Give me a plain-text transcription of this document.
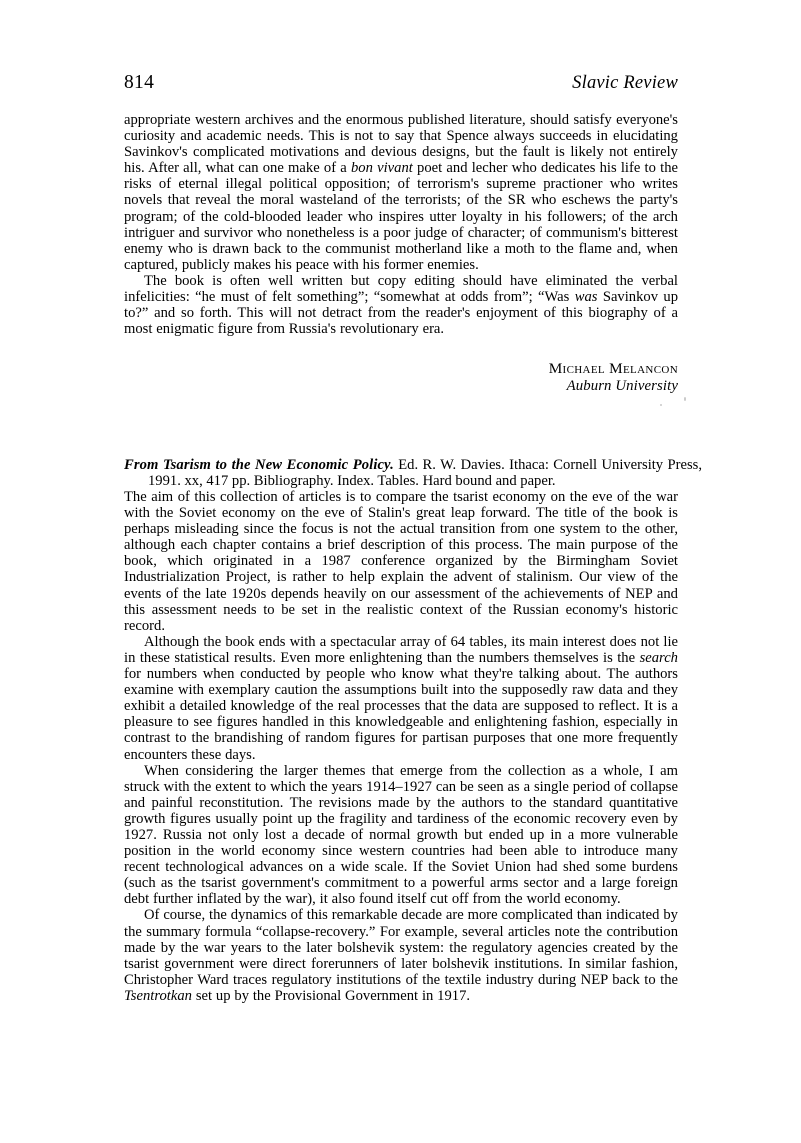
814	Slavic Review

appropriate western archives and the enormous published literature, should satisfy everyone's curiosity and academic needs. This is not to say that Spence always succeeds in elucidating Savinkov's complicated motivations and devious designs, but the fault is likely not entirely his. After all, what can one make of a bon vivant poet and lecher who dedicates his life to the risks of eternal illegal political opposition; of terrorism's supreme practioner who writes novels that reveal the moral wasteland of the terrorists; of the SR who eschews the party's program; of the cold-blooded leader who inspires utter loyalty in his followers; of the arch intriguer and survivor who nonetheless is a poor judge of character; of communism's bitterest enemy who is drawn back to the communist motherland like a moth to the flame and, when captured, publicly makes his peace with his former enemies.

The book is often well written but copy editing should have eliminated the verbal infelicities: “he must of felt something”; “somewhat at odds from”; “Was was Savinkov up to?” and so forth. This will not detract from the reader's enjoyment of this biography of a most enigmatic figure from Russia's revolutionary era.

Michael Melancon
Auburn University

From Tsarism to the New Economic Policy. Ed. R. W. Davies. Ithaca: Cornell University Press, 1991. xx, 417 pp. Bibliography. Index. Tables. Hard bound and paper.

The aim of this collection of articles is to compare the tsarist economy on the eve of the war with the Soviet economy on the eve of Stalin's great leap forward. The title of the book is perhaps misleading since the focus is not the actual transition from one system to the other, although each chapter contains a brief description of this process. The main purpose of the book, which originated in a 1987 conference organized by the Birmingham Soviet Industrialization Project, is rather to help explain the advent of stalinism. Our view of the events of the late 1920s depends heavily on our assessment of the achievements of NEP and this assessment needs to be set in the realistic context of the Russian economy's historic record.

Although the book ends with a spectacular array of 64 tables, its main interest does not lie in these statistical results. Even more enlightening than the numbers themselves is the search for numbers when conducted by people who know what they're talking about. The authors examine with exemplary caution the assumptions built into the supposedly raw data and they exhibit a detailed knowledge of the real processes that the data are supposed to reflect. It is a pleasure to see figures handled in this knowledgeable and enlightening fashion, especially in contrast to the brandishing of random figures for partisan purposes that one more frequently encounters these days.

When considering the larger themes that emerge from the collection as a whole, I am struck with the extent to which the years 1914–1927 can be seen as a single period of collapse and painful reconstitution. The revisions made by the authors to the standard quantitative growth figures usually point up the fragility and tardiness of the economic recovery even by 1927. Russia not only lost a decade of normal growth but ended up in a more vulnerable position in the world economy since western countries had been able to introduce many recent technological advances on a wide scale. If the Soviet Union had shed some burdens (such as the tsarist government's commitment to a powerful arms sector and a large foreign debt further inflated by the war), it also found itself cut off from the world economy.

Of course, the dynamics of this remarkable decade are more complicated than indicated by the summary formula “collapse-recovery.” For example, several articles note the contribution made by the war years to the later bolshevik system: the regulatory agencies created by the tsarist government were direct forerunners of later bolshevik institutions. In similar fashion, Christopher Ward traces regulatory institutions of the textile industry during NEP back to the Tsentrotkan set up by the Provisional Government in 1917.
